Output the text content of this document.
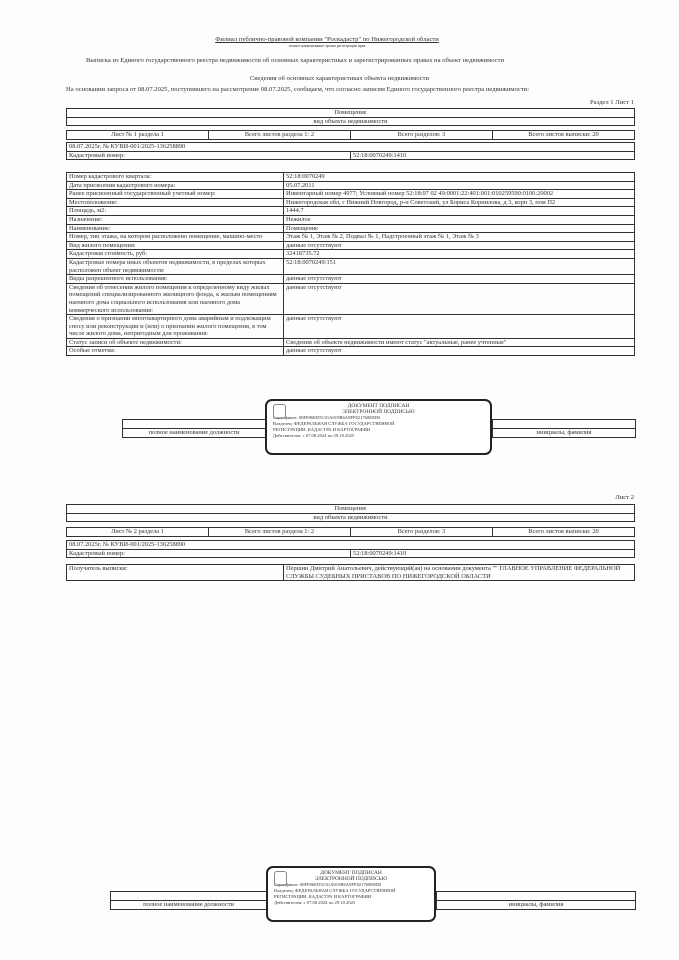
Филиал публично-правовой компании "Роскадастр" по Нижегородской области
полное наименование органа регистрации прав
Выписка из Единого государственного реестра недвижимости об основных характеристиках и зарегистрированных правах на объект недвижимости
Сведения об основных характеристиках объекта недвижимости
На основании запроса от 08.07.2025, поступившего на рассмотрение 08.07.2025, сообщаем, что согласно записям Единого государственного реестра недвижимости:
Раздел 1 Лист 1
Помещение
вид объекта недвижимости
Лист № 1 раздела 1	Всего листов раздела 1: 2	Всего разделов: 3	Всего листов выписки: 20
08.07.2025г. № КУВИ-001/2025-136258890
Кадастровый номер:	52:18:0070249:1410
Номер кадастрового квартала:	52:18:0070249
Дата присвоения кадастрового номера:	05.07.2011
Ранее присвоенный государственный учетный номер:	Инвентарный номер 4977; Условный номер 52:18:07 02 49:0001:22:401:001:010259590:0100:20002
Местоположение:	Нижегородская обл, г Нижний Новгород, р-н Советский, ул Бориса Корнилова, д 3, корп 3, пом П2
Площадь, м2:	1444.7
Назначение:	Нежилое
Наименование:	Помещение
Номер, тип этажа, на котором расположено помещение, машино-место	Этаж № 1, Этаж № 2, Подвал № 1, Надстроенный этаж № 1, Этаж № 3
Вид жилого помещения:	данные отсутствуют
Кадастровая стоимость, руб:	32418735.72
Кадастровые номера иных объектов недвижимости, в пределах которых расположен объект недвижимости:	52:18:0070249:151
Виды разрешенного использования:	данные отсутствуют
Сведения об отнесении жилого помещения к определенному виду жилых помещений специализированного жилищного фонда, к жилым помещениям наемного дома социального использования или наемного дома коммерческого использования:	данные отсутствуют
Сведения о признании многоквартирного дома аварийным и подлежащим сносу или реконструкции и (или) о признании жилого помещения, в том числе жилого дома, непригодным для проживания:	данные отсутствуют
Статус записи об объекте недвижимости:	Сведения об объекте недвижимости имеют статус "актуальные, ранее учтенные"
Особые отметки:	данные отсутствуют

полное наименование должности		инициалы, фамилия
ДОКУМЕНТ ПОДПИСАН
ЭЛЕКТРОННОЙ ПОДПИСЬЮ
Сертификат: 00FF86ED5C01A019B6A9FF821768E8D0
Владелец: ФЕДЕРАЛЬНАЯ СЛУЖБА ГОСУДАРСТВЕННОЙ
РЕГИСТРАЦИИ, КАДАСТРА И КАРТОГРАФИИ
Действителен: с 07.08.2024 по 29.10.2025
Лист 2
Помещение
вид объекта недвижимости
Лист № 2 раздела 1	Всего листов раздела 1: 2	Всего разделов: 3	Всего листов выписки: 20
08.07.2025г. № КУВИ-001/2025-136258890
Кадастровый номер:	52:18:0070249:1410
Получатель выписки:	Першин Дмитрий Анатольевич, действующий(ая) на основании документа "" ГЛАВНОЕ УПРАВЛЕНИЕ ФЕДЕРАЛЬНОЙ СЛУЖБЫ СУДЕБНЫХ ПРИСТАВОВ ПО НИЖЕГОРОДСКОЙ ОБЛАСТИ

полное наименование должности		инициалы, фамилия
ДОКУМЕНТ ПОДПИСАН
ЭЛЕКТРОННОЙ ПОДПИСЬЮ
Сертификат: 00FF86ED5C01A019B6A9FF821768E8D0
Владелец: ФЕДЕРАЛЬНАЯ СЛУЖБА ГОСУДАРСТВЕННОЙ
РЕГИСТРАЦИИ, КАДАСТРА И КАРТОГРАФИИ
Действителен: с 07.08.2024 по 29.10.2025
